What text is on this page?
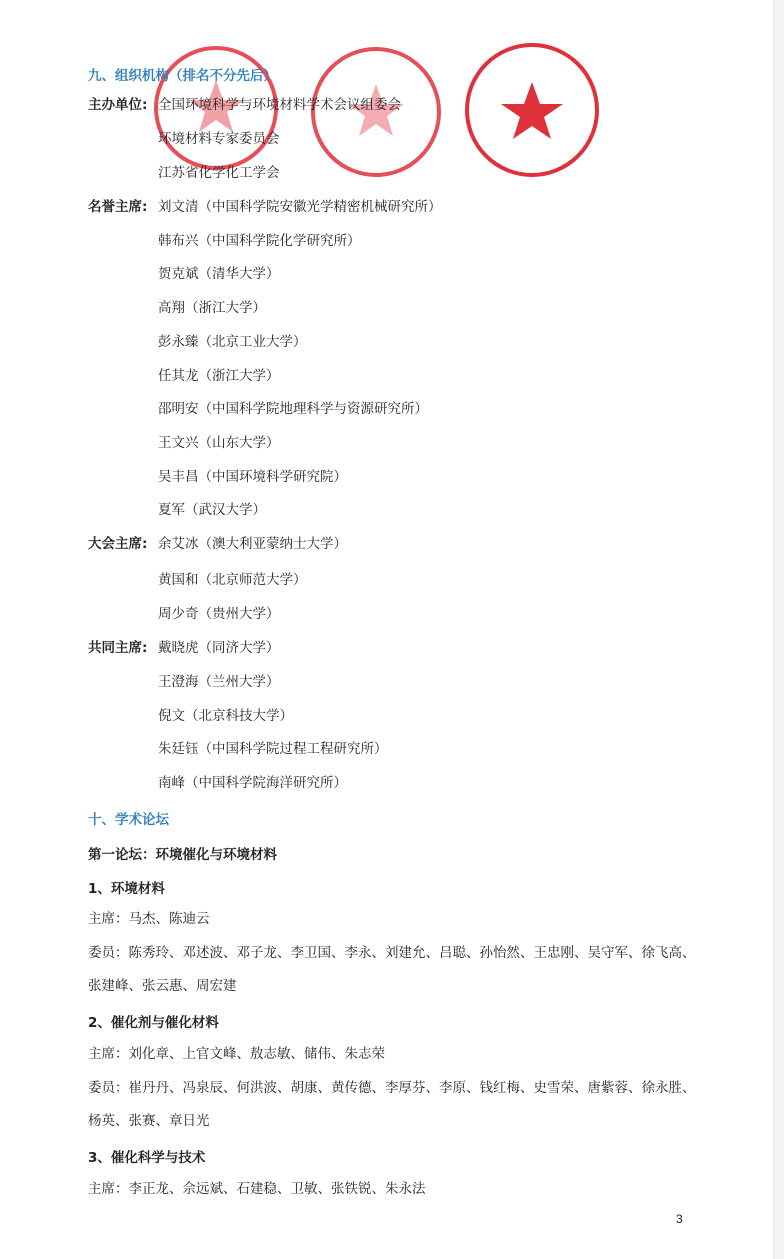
九、组织机构（排名不分先后）
主办单位: 全国环境科学与环境材料学术会议组委会
环境材料专家委员会
江苏省化学化工学会
名誉主席: 刘文清（中国科学院安徽光学精密机械研究所）
韩布兴（中国科学院化学研究所）
贺克斌（清华大学）
高翔（浙江大学）
彭永臻（北京工业大学）
任其龙（浙江大学）
邵明安（中国科学院地理科学与资源研究所）
王文兴（山东大学）
吴丰昌（中国环境科学研究院）
夏军（武汉大学）
大会主席: 余艾冰（澳大利亚蒙纳士大学）
黄国和（北京师范大学）
周少奇（贵州大学）
共同主席: 戴晓虎（同济大学）
王澄海（兰州大学）
倪文（北京科技大学）
朱廷钰（中国科学院过程工程研究所）
南峰（中国科学院海洋研究所）
十、学术论坛
第一论坛：环境催化与环境材料
1、环境材料
主席：马杰、陈迪云
委员：陈秀玲、邓述波、邓子龙、李卫国、李永、刘建允、吕聪、孙怡然、王忠刚、吴守军、徐飞高、
张建峰、张云惠、周宏建
2、催化剂与催化材料
主席：刘化章、上官文峰、敖志敏、储伟、朱志荣
委员：崔丹丹、冯泉辰、何洪波、胡康、黄传德、李厚芬、李原、钱红梅、史雪荣、唐紫蓉、徐永胜、
杨英、张赛、章日光
3、催化科学与技术
主席：李正龙、佘远斌、石建稳、卫敏、张铁锐、朱永法
3
